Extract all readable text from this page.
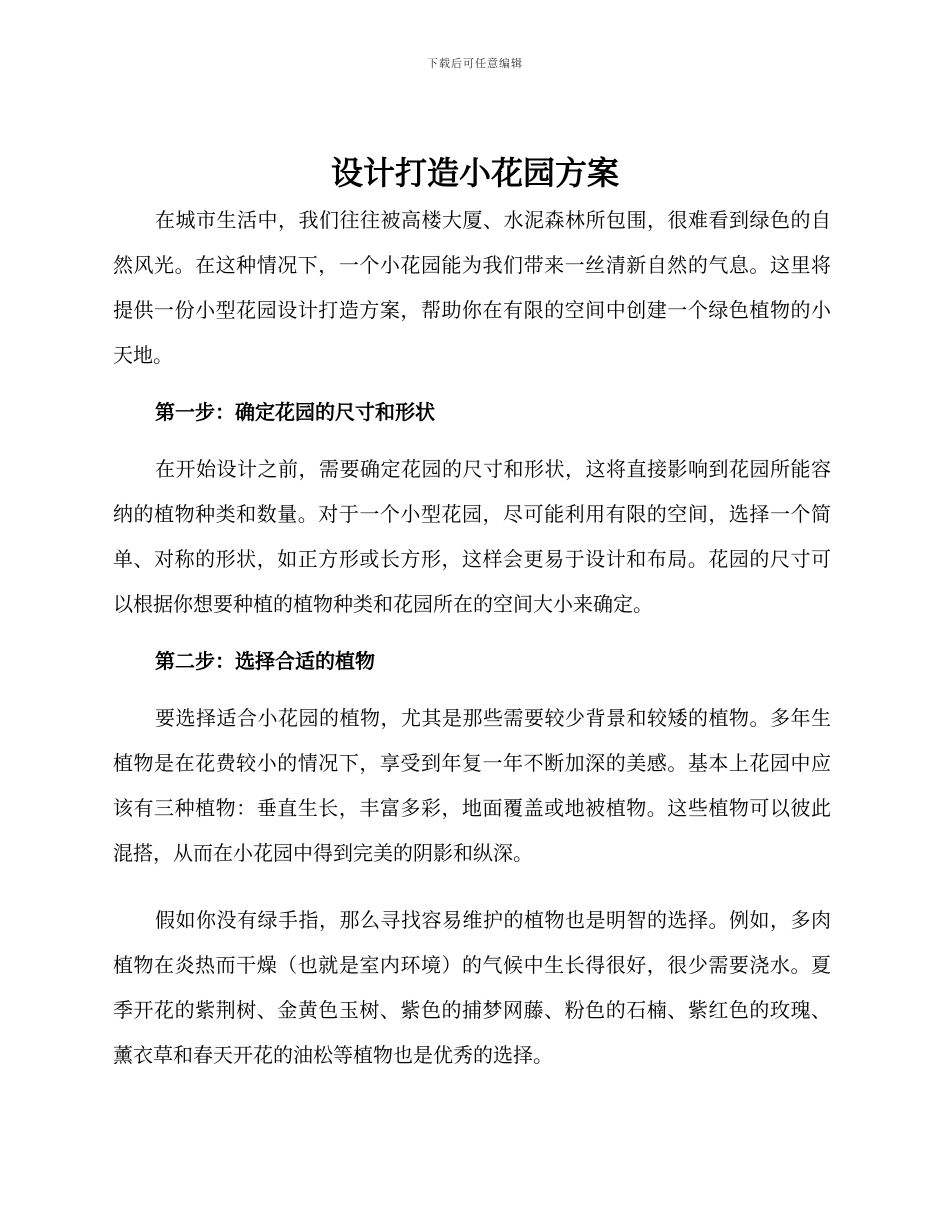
下载后可任意编辑
设计打造小花园方案

在城市生活中，我们往往被高楼大厦、水泥森林所包围，很难看到绿色的自然风光。在这种情况下，一个小花园能为我们带来一丝清新自然的气息。这里将提供一份小型花园设计打造方案，帮助你在有限的空间中创建一个绿色植物的小天地。

第一步：确定花园的尺寸和形状

在开始设计之前，需要确定花园的尺寸和形状，这将直接影响到花园所能容纳的植物种类和数量。对于一个小型花园，尽可能利用有限的空间，选择一个简单、对称的形状，如正方形或长方形，这样会更易于设计和布局。花园的尺寸可以根据你想要种植的植物种类和花园所在的空间大小来确定。

第二步：选择合适的植物

要选择适合小花园的植物，尤其是那些需要较少背景和较矮的植物。多年生植物是在花费较小的情况下，享受到年复一年不断加深的美感。基本上花园中应该有三种植物：垂直生长，丰富多彩，地面覆盖或地被植物。这些植物可以彼此混搭，从而在小花园中得到完美的阴影和纵深。

假如你没有绿手指，那么寻找容易维护的植物也是明智的选择。例如，多肉植物在炎热而干燥（也就是室内环境）的气候中生长得很好，很少需要浇水。夏季开花的紫荆树、金黄色玉树、紫色的捕梦网藤、粉色的石楠、紫红色的玫瑰、薰衣草和春天开花的油松等植物也是优秀的选择。
